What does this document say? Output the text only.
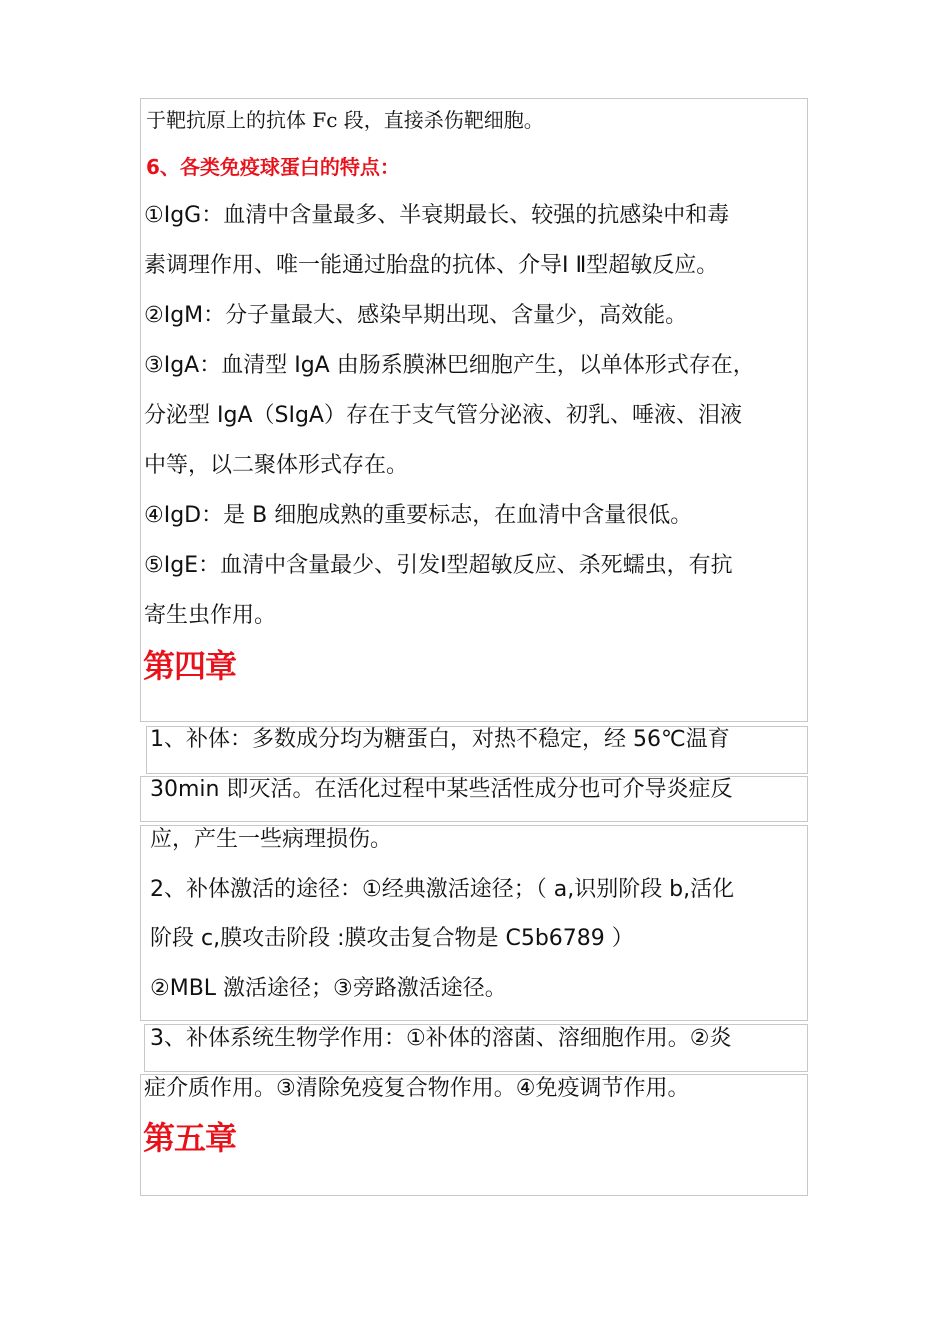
于靶抗原上的抗体 Fc 段，直接杀伤靶细胞。
6、各类免疫球蛋白的特点：
①IgG：血清中含量最多、半衰期最长、较强的抗感染中和毒
素调理作用、唯一能通过胎盘的抗体、介导Ⅰ Ⅱ型超敏反应。
②IgM：分子量最大、感染早期出现、含量少，高效能。
③IgA：血清型 IgA 由肠系膜淋巴细胞产生，以单体形式存在，
分泌型 IgA（SIgA）存在于支气管分泌液、初乳、唾液、泪液
中等，以二聚体形式存在。
④IgD：是 B 细胞成熟的重要标志，在血清中含量很低。
⑤IgE：血清中含量最少、引发Ⅰ型超敏反应、杀死蠕虫，有抗
寄生虫作用。
第四章
1、补体：多数成分均为糖蛋白，对热不稳定，经 56℃温育
30min 即灭活。在活化过程中某些活性成分也可介导炎症反
应，产生一些病理损伤。
2、补体激活的途径：①经典激活途径；（ a,识别阶段 b,活化
阶段 c,膜攻击阶段 :膜攻击复合物是 C5b6789 ）
②MBL 激活途径；③旁路激活途径。
3、补体系统生物学作用：①补体的溶菌、溶细胞作用。②炎
症介质作用。③清除免疫复合物作用。④免疫调节作用。
第五章
